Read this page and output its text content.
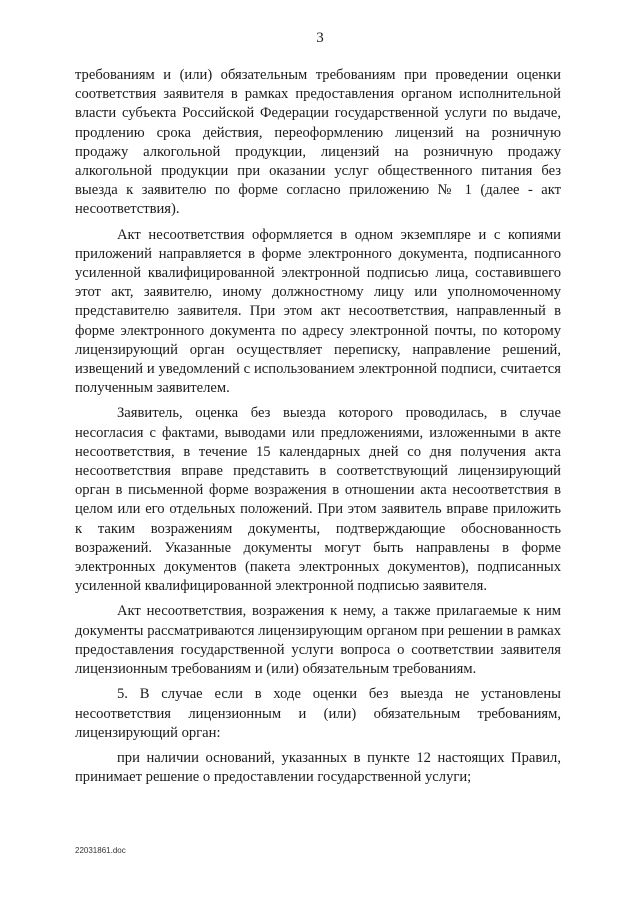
3

требованиям и (или) обязательным требованиям при проведении оценки соответствия заявителя в рамках предоставления органом исполнительной власти субъекта Российской Федерации государственной услуги по выдаче, продлению срока действия, переоформлению лицензий на розничную продажу алкогольной продукции, лицензий на розничную продажу алкогольной продукции при оказании услуг общественного питания без выезда к заявителю по форме согласно приложению № 1 (далее - акт несоответствия).

Акт несоответствия оформляется в одном экземпляре и с копиями приложений направляется в форме электронного документа, подписанного усиленной квалифицированной электронной подписью лица, составившего этот акт, заявителю, иному должностному лицу или уполномоченному представителю заявителя. При этом акт несоответствия, направленный в форме электронного документа по адресу электронной почты, по которому лицензирующий орган осуществляет переписку, направление решений, извещений и уведомлений с использованием электронной подписи, считается полученным заявителем.

Заявитель, оценка без выезда которого проводилась, в случае несогласия с фактами, выводами или предложениями, изложенными в акте несоответствия, в течение 15 календарных дней со дня получения акта несоответствия вправе представить в соответствующий лицензирующий орган в письменной форме возражения в отношении акта несоответствия в целом или его отдельных положений. При этом заявитель вправе приложить к таким возражениям документы, подтверждающие обоснованность возражений. Указанные документы могут быть направлены в форме электронных документов (пакета электронных документов), подписанных усиленной квалифицированной электронной подписью заявителя.

Акт несоответствия, возражения к нему, а также прилагаемые к ним документы рассматриваются лицензирующим органом при решении в рамках предоставления государственной услуги вопроса о соответствии заявителя лицензионным требованиям и (или) обязательным требованиям.

5. В случае если в ходе оценки без выезда не установлены несоответствия лицензионным и (или) обязательным требованиям, лицензирующий орган:

при наличии оснований, указанных в пункте 12 настоящих Правил, принимает решение о предоставлении государственной услуги;

22031861.doc
